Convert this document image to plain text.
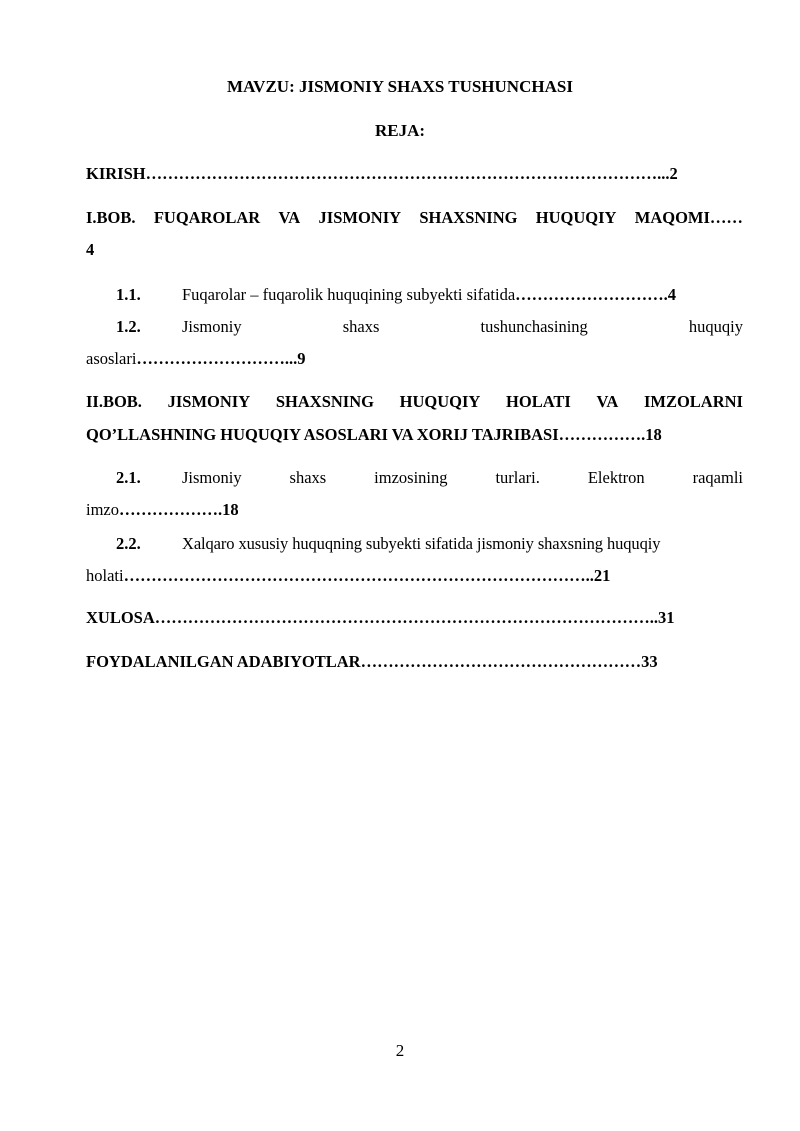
MAVZU: JISMONIY SHAXS TUSHUNCHASI
REJA:
KIRISH…………………………………………………………………………………...2
I.BOB. FUQAROLAR VA JISMONIY SHAXSNING HUQUQIY MAQOMI……
4
1.1.	Fuqarolar – fuqarolik huquqining subyekti sifatida……………………….4
1.2.	Jismoniy	shaxs	tushunchasining	huquqiy
asoslari………………………...9
II.BOB. JISMONIY SHAXSNING HUQUQIY HOLATI VA IMZOLARNI
QO’LLASHNING HUQUQIY ASOSLARI VA XORIJ TAJRIBASI…………….18
2.1.	Jismoniy	shaxs	imzosining	turlari.	Elektron	raqamli
imzo……………….18
2.2.	Xalqaro xususiy huquqning subyekti sifatida jismoniy shaxsning huquqiy
holati…………………………………………………………………………..21
XULOSA………………………………………………………………………………..31
FOYDALANILGAN ADABIYOTLAR……………………………………………33
2
